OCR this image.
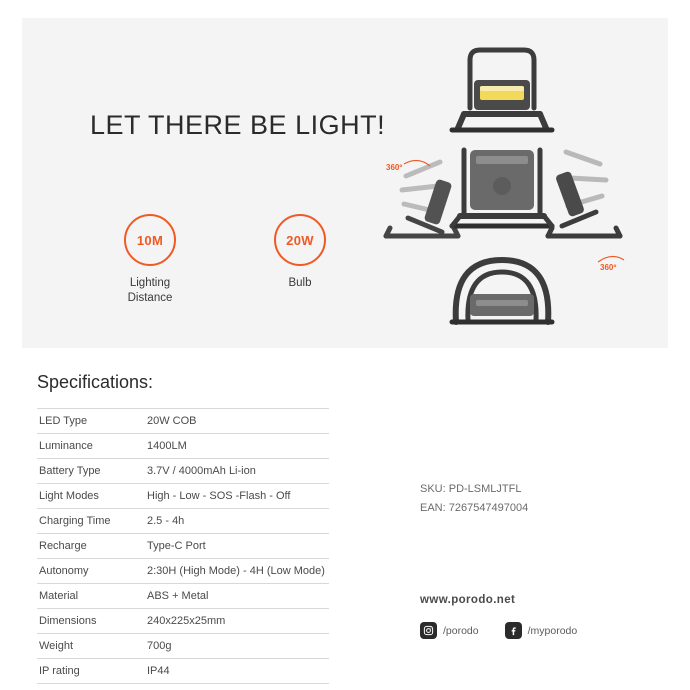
LET THERE BE LIGHT!
10M
Lighting
Distance
20W
Bulb
360º
360º
Specifications:
LED Type	20W COB
Luminance	1400LM
Battery Type	3.7V / 4000mAh Li-ion
Light Modes	High - Low - SOS -Flash - Off
Charging Time	2.5 - 4h
Recharge	Type-C Port
Autonomy	2:30H (High Mode) - 4H (Low Mode)
Material	ABS + Metal
Dimensions	240x225x25mm
Weight	700g
IP rating	IP44
SKU: PD-LSMLJTFL
EAN: 7267547497004
www.porodo.net
/porodo	/myporodo
